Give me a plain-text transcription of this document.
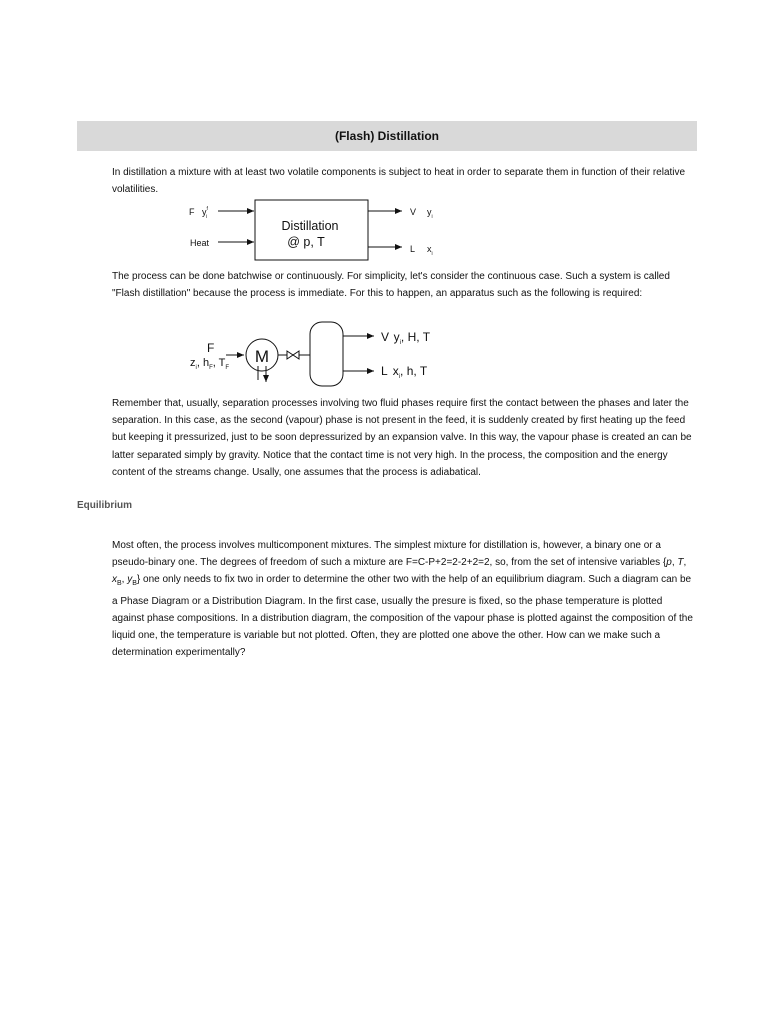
(Flash) Distillation

In distillation a mixture with at least two volatile components is subject to heat in order to separate them in function of their relative volatilities.

Distillation
@ p, T
F $y^f$ i
Heat
V $y_i$
L $x_i$

The process can be done batchwise or continuously. For simplicity, let's consider the continuous case. Such a system is called "Flash distillation" because the process is immediate. For this to happen, an apparatus such as the following is required:

F
$z_i$, $h_F$, $T_F$
M
V $y_i$, H, T
L $x_i$, h, T

Remember that, usually, separation processes involving two fluid phases require first the contact between the phases and later the separation. In this case, as the second (vapour) phase is not present in the feed, it is suddenly created by first heating up the feed but keeping it pressurized, just to be soon depressurized by an expansion valve. In this way, the vapour phase is created an can be latter separated simply by gravity. Notice that the contact time is not very high. In the process, the composition and the energy content of the streams change. Usally, one assumes that the process is adiabatical.

Equilibrium

Most often, the process involves multicomponent mixtures. The simplest mixture for distillation is, however, a binary one or a pseudo-binary one. The degrees of freedom of such a mixture are F=C-P+2=2-2+2=2, so, from the set of intensive variables {p, T, $x_B$, $y_B$} one only needs to fix two in order to determine the other two with the help of an equilibrium diagram. Such a diagram can be a Phase Diagram or a Distribution Diagram. In the first case, usually the presure is fixed, so the phase temperature is plotted against phase compositions. In a distribution diagram, the composition of the vapour phase is plotted against the composition of the liquid one, the temperature is variable but not plotted. Often, they are plotted one above the other. How can we make such a determination experimentally?
